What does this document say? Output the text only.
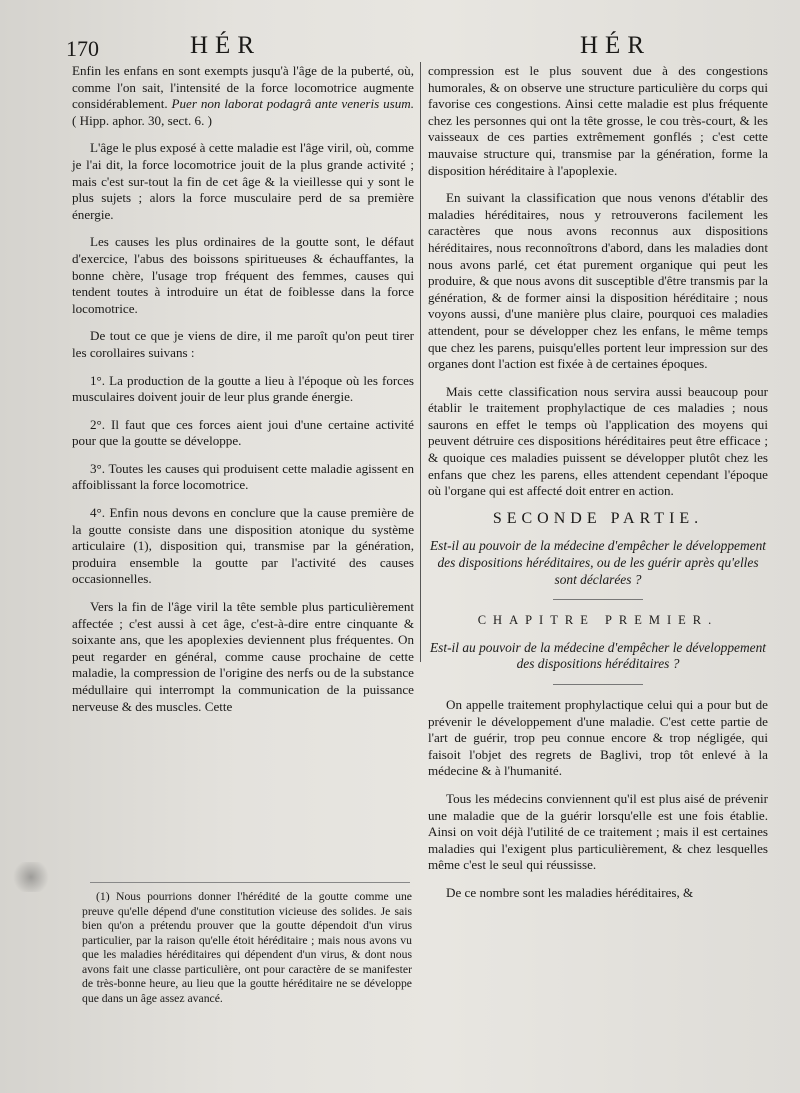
170	HÉR	HÉR

Enfin les enfans en sont exempts jusqu'à l'âge de la puberté, où, comme l'on sait, l'intensité de la force locomotrice augmente considérablement. Puer non laborat podagrâ ante veneris usum. ( Hipp. aphor. 30, sect. 6. )

L'âge le plus exposé à cette maladie est l'âge viril, où, comme je l'ai dit, la force locomotrice jouit de la plus grande activité ; mais c'est sur-tout la fin de cet âge & la vieillesse qui y sont le plus sujets ; alors la force musculaire perd de sa première énergie.

Les causes les plus ordinaires de la goutte sont, le défaut d'exercice, l'abus des boissons spiritueuses & échauffantes, la bonne chère, l'usage trop fréquent des femmes, causes qui tendent toutes à introduire un état de foiblesse dans la force locomotrice.

De tout ce que je viens de dire, il me paroît qu'on peut tirer les corollaires suivans :

1°. La production de la goutte a lieu à l'époque où les forces musculaires doivent jouir de leur plus grande énergie.

2°. Il faut que ces forces aient joui d'une certaine activité pour que la goutte se développe.

3°. Toutes les causes qui produisent cette maladie agissent en affoiblissant la force locomotrice.

4°. Enfin nous devons en conclure que la cause première de la goutte consiste dans une disposition atonique du système articulaire (1), disposition qui, transmise par la génération, produira ensemble la goutte par l'activité des causes occasionnelles.

Vers la fin de l'âge viril la tête semble plus particulièrement affectée ; c'est aussi à cet âge, c'est-à-dire entre cinquante & soixante ans, que les apoplexies deviennent plus fréquentes. On peut regarder en général, comme cause prochaine de cette maladie, la compression de l'origine des nerfs ou de la substance médullaire qui interrompt la communication de la puissance nerveuse & des muscles. Cette

(1) Nous pourrions donner l'hérédité de la goutte comme une preuve qu'elle dépend d'une constitution vicieuse des solides. Je sais bien qu'on a prétendu prouver que la goutte dépendoit d'un virus particulier, par la raison qu'elle étoit héréditaire ; mais nous avons vu que les maladies héréditaires qui dépendent d'un virus, & dont nous avons fait une classe particulière, ont pour caractère de se manifester de très-bonne heure, au lieu que la goutte héréditaire ne se développe que dans un âge assez avancé.

compression est le plus souvent due à des congestions humorales, & on observe une structure particulière du corps qui favorise ces congestions. Ainsi cette maladie est plus fréquente chez les personnes qui ont la tête grosse, le cou très-court, & les vaisseaux de ces parties extrêmement gonflés ; c'est cette mauvaise structure qui, transmise par la génération, forme la disposition héréditaire à l'apoplexie.

En suivant la classification que nous venons d'établir des maladies héréditaires, nous y retrouverons facilement les caractères que nous avons reconnus aux dispositions héréditaires, nous reconnoîtrons d'abord, dans les maladies dont nous avons parlé, cet état purement organique qui peut les produire, & que nous avons dit susceptible d'être transmis par la génération, & de former ainsi la disposition héréditaire ; nous voyons aussi, d'une manière plus claire, pourquoi ces maladies attendent, pour se développer chez les enfans, le même temps que chez les parens, puisqu'elles portent leur impression sur des organes dont l'action est fixée à de certaines époques.

Mais cette classification nous servira aussi beaucoup pour établir le traitement prophylactique de ces maladies ; nous saurons en effet le temps où l'application des moyens qui peuvent détruire ces dispositions héréditaires peut être efficace ; & quoique ces maladies puissent se développer plutôt chez les enfans que chez les parens, elles attendent cependant l'époque où l'organe qui est affecté doit entrer en action.

SECONDE PARTIE.

Est-il au pouvoir de la médecine d'empêcher le développement des dispositions héréditaires, ou de les guérir après qu'elles sont déclarées ?

CHAPITRE PREMIER.

Est-il au pouvoir de la médecine d'empêcher le développement des dispositions héréditaires ?

On appelle traitement prophylactique celui qui a pour but de prévenir le développement d'une maladie. C'est cette partie de l'art de guérir, trop peu connue encore & trop négligée, qui faisoit l'objet des regrets de Baglivi, trop tôt enlevé à la médecine & à l'humanité.

Tous les médecins conviennent qu'il est plus aisé de prévenir une maladie que de la guérir lorsqu'elle est une fois établie. Ainsi on voit déjà l'utilité de ce traitement ; mais il est certaines maladies qui l'exigent plus particulièrement, & chez lesquelles même c'est le seul qui réussisse.

De ce nombre sont les maladies héréditaires, &
